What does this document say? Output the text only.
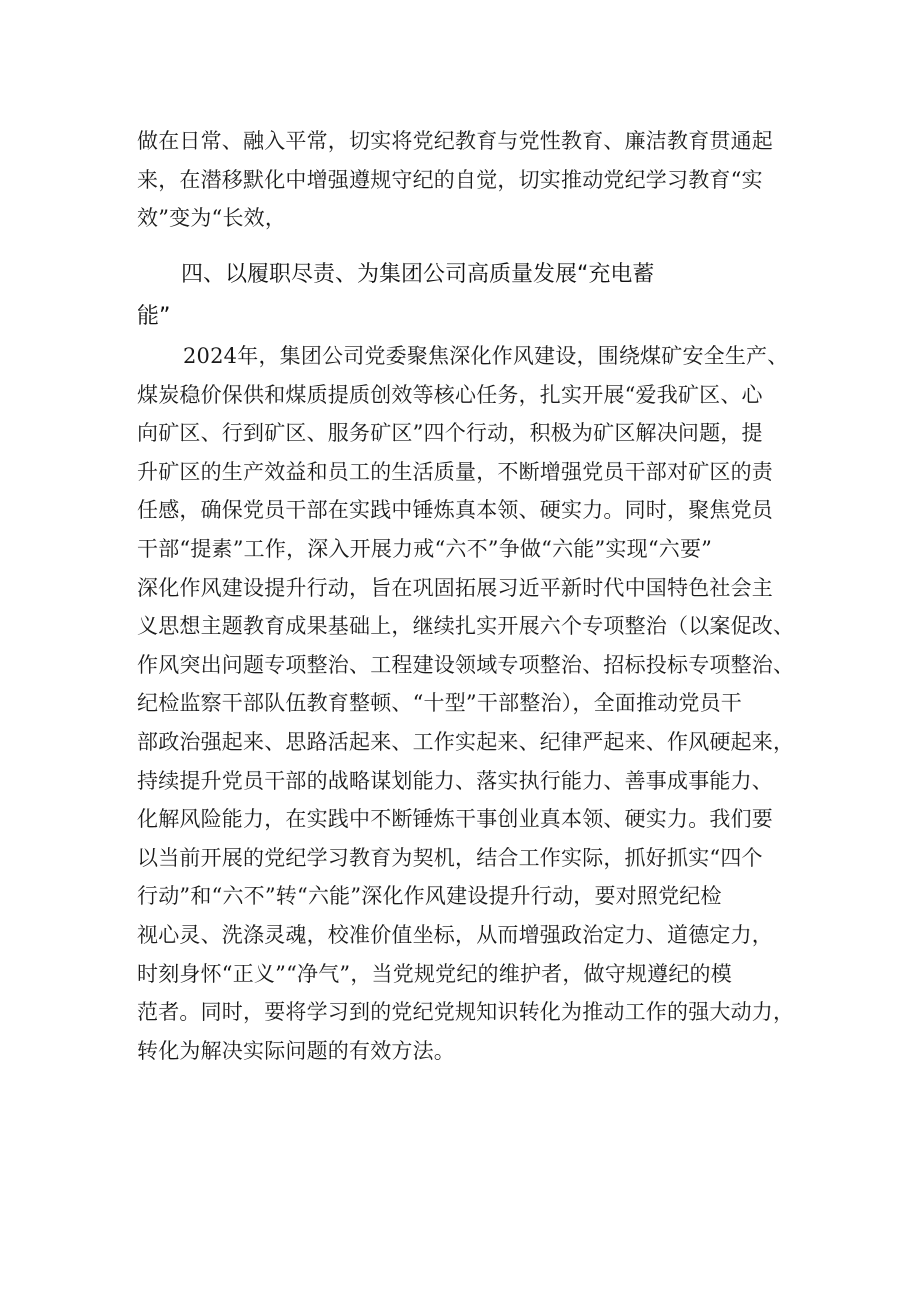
做在日常、融入平常，切实将党纪教育与党性教育、廉洁教育贯通起
来，在潜移默化中增强遵规守纪的自觉，切实推动党纪学习教育“实
效”变为“长效，
四、以履职尽责、为集团公司高质量发展“充电蓄
能”
2024年，集团公司党委聚焦深化作风建设，围绕煤矿安全生产、
煤炭稳价保供和煤质提质创效等核心任务，扎实开展“爱我矿区、心
向矿区、行到矿区、服务矿区”四个行动，积极为矿区解决问题，提
升矿区的生产效益和员工的生活质量，不断增强党员干部对矿区的责
任感，确保党员干部在实践中锤炼真本领、硬实力。同时，聚焦党员
干部“提素”工作，深入开展力戒“六不”争做“六能”实现“六要”
深化作风建设提升行动，旨在巩固拓展习近平新时代中国特色社会主
义思想主题教育成果基础上，继续扎实开展六个专项整治（以案促改、
作风突出问题专项整治、工程建设领域专项整治、招标投标专项整治、
纪检监察干部队伍教育整顿、“十型”干部整治），全面推动党员干
部政治强起来、思路活起来、工作实起来、纪律严起来、作风硬起来，
持续提升党员干部的战略谋划能力、落实执行能力、善事成事能力、
化解风险能力，在实践中不断锤炼干事创业真本领、硬实力。我们要
以当前开展的党纪学习教育为契机，结合工作实际，抓好抓实“四个
行动”和“六不”转“六能”深化作风建设提升行动，要对照党纪检
视心灵、洗涤灵魂，校准价值坐标，从而增强政治定力、道德定力，
时刻身怀“正义”“净气”，当党规党纪的维护者，做守规遵纪的模
范者。同时，要将学习到的党纪党规知识转化为推动工作的强大动力，
转化为解决实际问题的有效方法。
